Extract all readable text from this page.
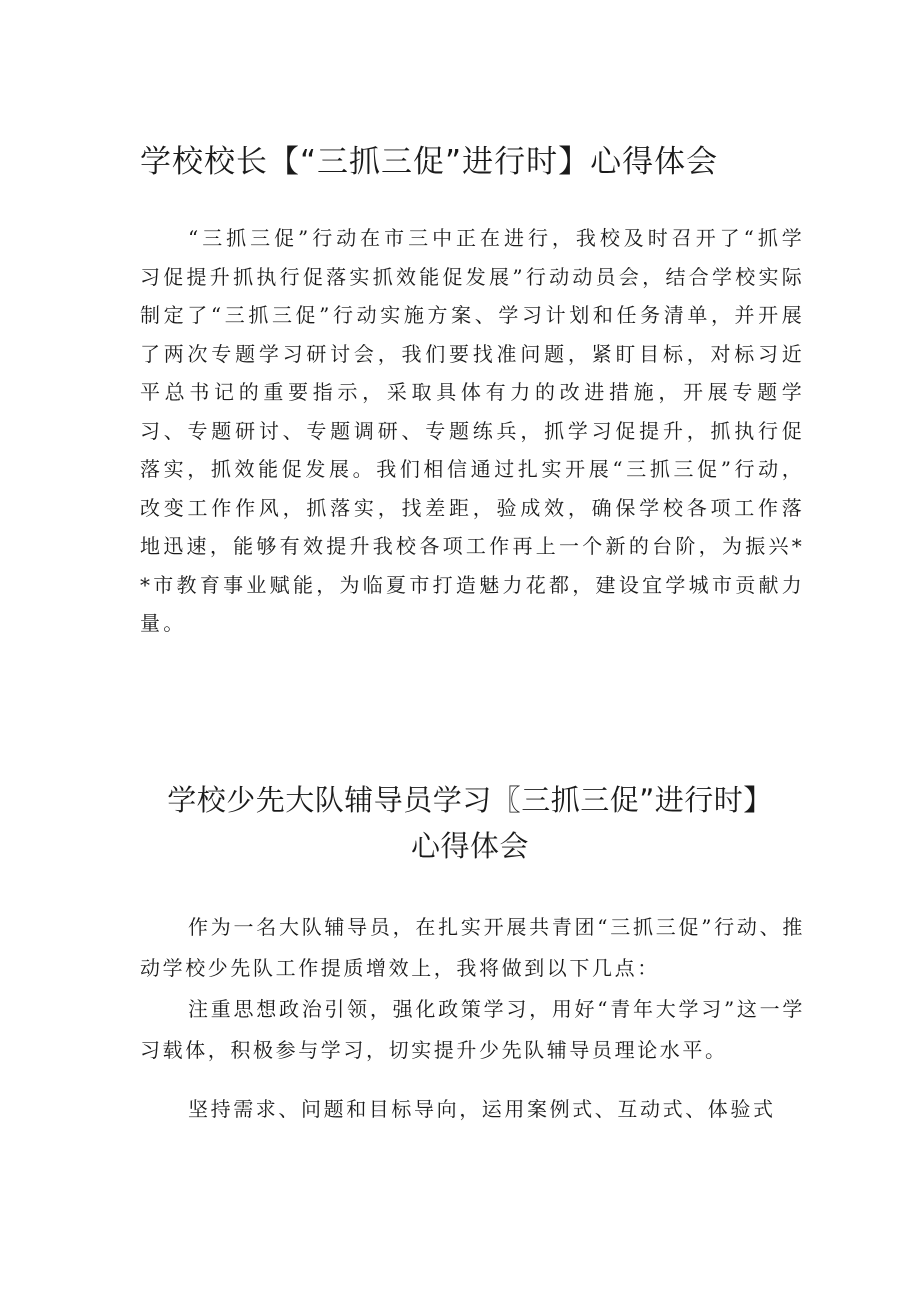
学校校长【“三抓三促”进行时】心得体会

“三抓三促”行动在市三中正在进行，我校及时召开了“抓学习促提升抓执行促落实抓效能促发展”行动动员会，结合学校实际制定了“三抓三促”行动实施方案、学习计划和任务清单，并开展了两次专题学习研讨会，我们要找准问题，紧盯目标，对标习近平总书记的重要指示，采取具体有力的改进措施，开展专题学习、专题研讨、专题调研、专题练兵，抓学习促提升，抓执行促落实，抓效能促发展。我们相信通过扎实开展“三抓三促”行动，改变工作作风，抓落实，找差距，验成效，确保学校各项工作落地迅速，能够有效提升我校各项工作再上一个新的台阶，为振兴**市教育事业赋能，为临夏市打造魅力花都，建设宜学城市贡献力量。

学校少先大队辅导员学习〖三抓三促”进行时】
心得体会

作为一名大队辅导员，在扎实开展共青团“三抓三促”行动、推动学校少先队工作提质增效上，我将做到以下几点：

注重思想政治引领，强化政策学习，用好“青年大学习”这一学习载体，积极参与学习，切实提升少先队辅导员理论水平。

坚持需求、问题和目标导向，运用案例式、互动式、体验式
